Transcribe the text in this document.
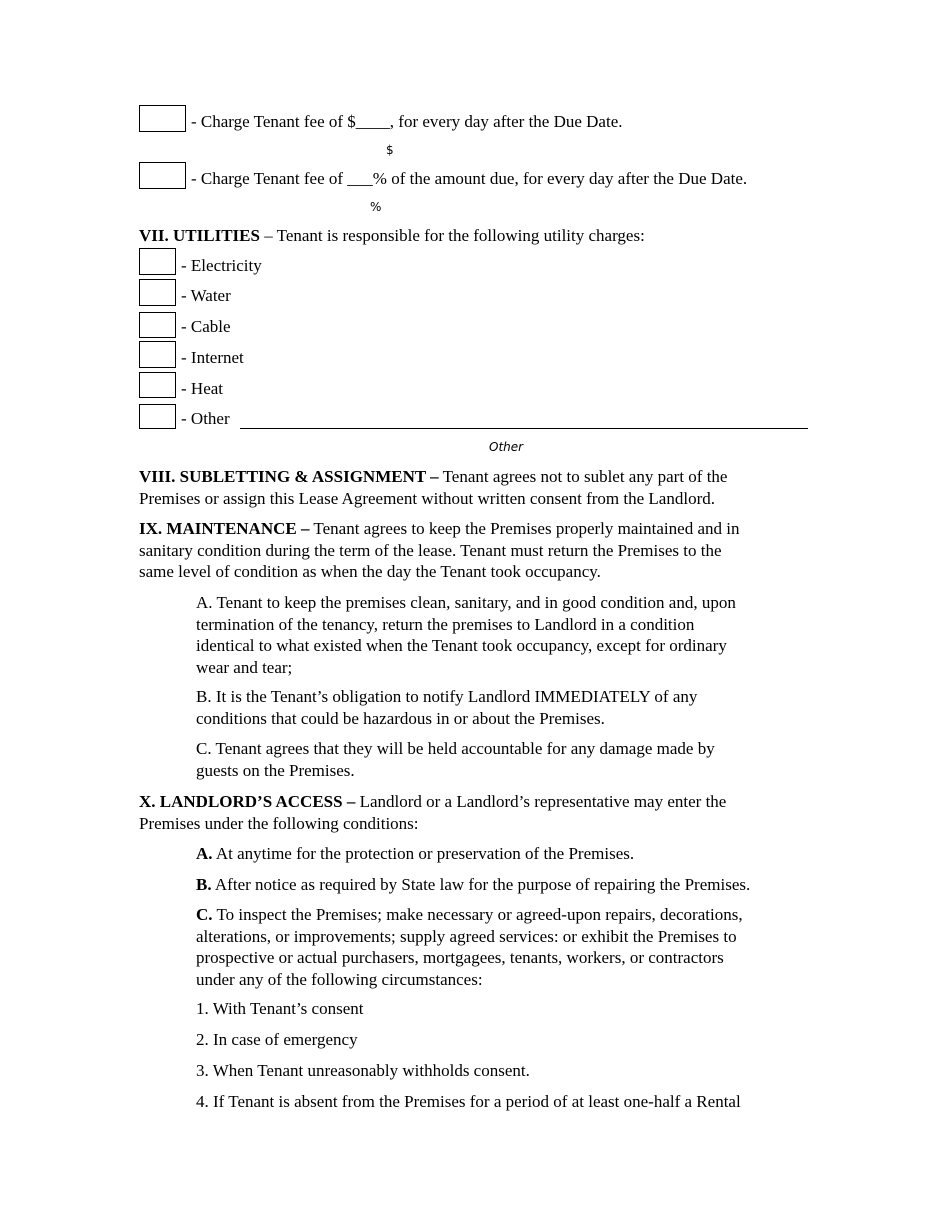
- Charge Tenant fee of $____, for every day after the Due Date.
$
- Charge Tenant fee of ___% of the amount due, for every day after the Due Date.
%
VII. UTILITIES – Tenant is responsible for the following utility charges:
- Electricity
- Water
- Cable
- Internet
- Heat
- Other
Other

VIII. SUBLETTING & ASSIGNMENT – Tenant agrees not to sublet any part of the

Premises or assign this Lease Agreement without written consent from the Landlord.

IX. MAINTENANCE – Tenant agrees to keep the Premises properly maintained and in

sanitary condition during the term of the lease. Tenant must return the Premises to the

same level of condition as when the day the Tenant took occupancy.

A. Tenant to keep the premises clean, sanitary, and in good condition and, upon

termination of the tenancy, return the premises to Landlord in a condition

identical to what existed when the Tenant took occupancy, except for ordinary

wear and tear;

B. It is the Tenant’s obligation to notify Landlord IMMEDIATELY of any

conditions that could be hazardous in or about the Premises.

C. Tenant agrees that they will be held accountable for any damage made by

guests on the Premises.

X. LANDLORD’S ACCESS – Landlord or a Landlord’s representative may enter the

Premises under the following conditions:

A. At anytime for the protection or preservation of the Premises.
B. After notice as required by State law for the purpose of repairing the Premises.

C. To inspect the Premises; make necessary or agreed-upon repairs, decorations,

alterations, or improvements; supply agreed services: or exhibit the Premises to

prospective or actual purchasers, mortgagees, tenants, workers, or contractors

under any of the following circumstances:

1. With Tenant’s consent
2. In case of emergency
3. When Tenant unreasonably withholds consent.
4. If Tenant is absent from the Premises for a period of at least one-half a Rental
